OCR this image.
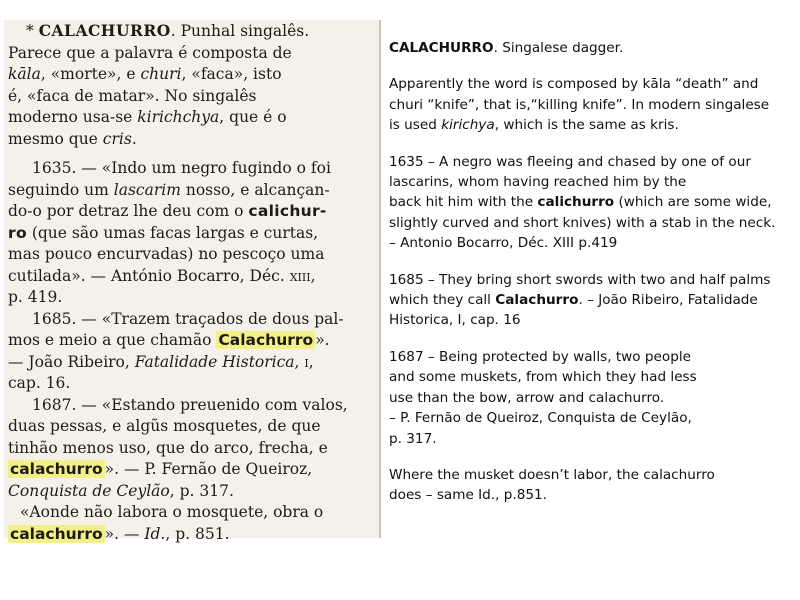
* CALACHURRO. Punhal singalês.

Parece que a palavra é composta de

kāla, «morte», e churi, «faca», isto

é, «faca de matar». No singalês

moderno usa-se kirichchya, que é o

mesmo que cris.

1635. — «Indo um negro fugindo o foi

seguindo um lascarim nosso, e alcançan-

do-o por detraz lhe deu com o calichur-

ro (que são umas facas largas e curtas,

mas pouco encurvadas) no pescoço uma

cutilada». — António Bocarro, Déc. xiii,

p. 419.

1685. — «Trazem traçados de dous pal-

mos e meio a que chamão Calachurro ».

— João Ribeiro, Fatalidade Historica, i,

cap. 16.

1687. — «Estando preuenido com valos,

duas pessas, e algũs mosquetes, de que

tinhão menos uso, que do arco, frecha, e

calachurro ». — P. Fernão de Queiroz,

Conquista de Ceylão, p. 317.

«Aonde não labora o mosquete, obra o

calachurro ». — Id., p. 851.

CALACHURRO. Singalese dagger.

Apparently the word is composed by kāla “death” and

churi “knife”, that is,“killing knife”. In modern singalese

is used kirichya, which is the same as kris.

1635 – A negro was fleeing and chased by one of our

lascarins, whom having reached him by the

back hit him with the calichurro (which are some wide,

slightly curved and short knives) with a stab in the neck.

– Antonio Bocarro, Déc. XIII p.419

1685 – They bring short swords with two and half palms

which they call Calachurro. – João Ribeiro, Fatalidade

Historica, I, cap. 16

1687 – Being protected by walls, two people

and some muskets, from which they had less

use than the bow, arrow and calachurro.

– P. Fernão de Queiroz, Conquista de Ceylão,

p. 317.

Where the musket doesn’t labor, the calachurro

does – same Id., p.851.
